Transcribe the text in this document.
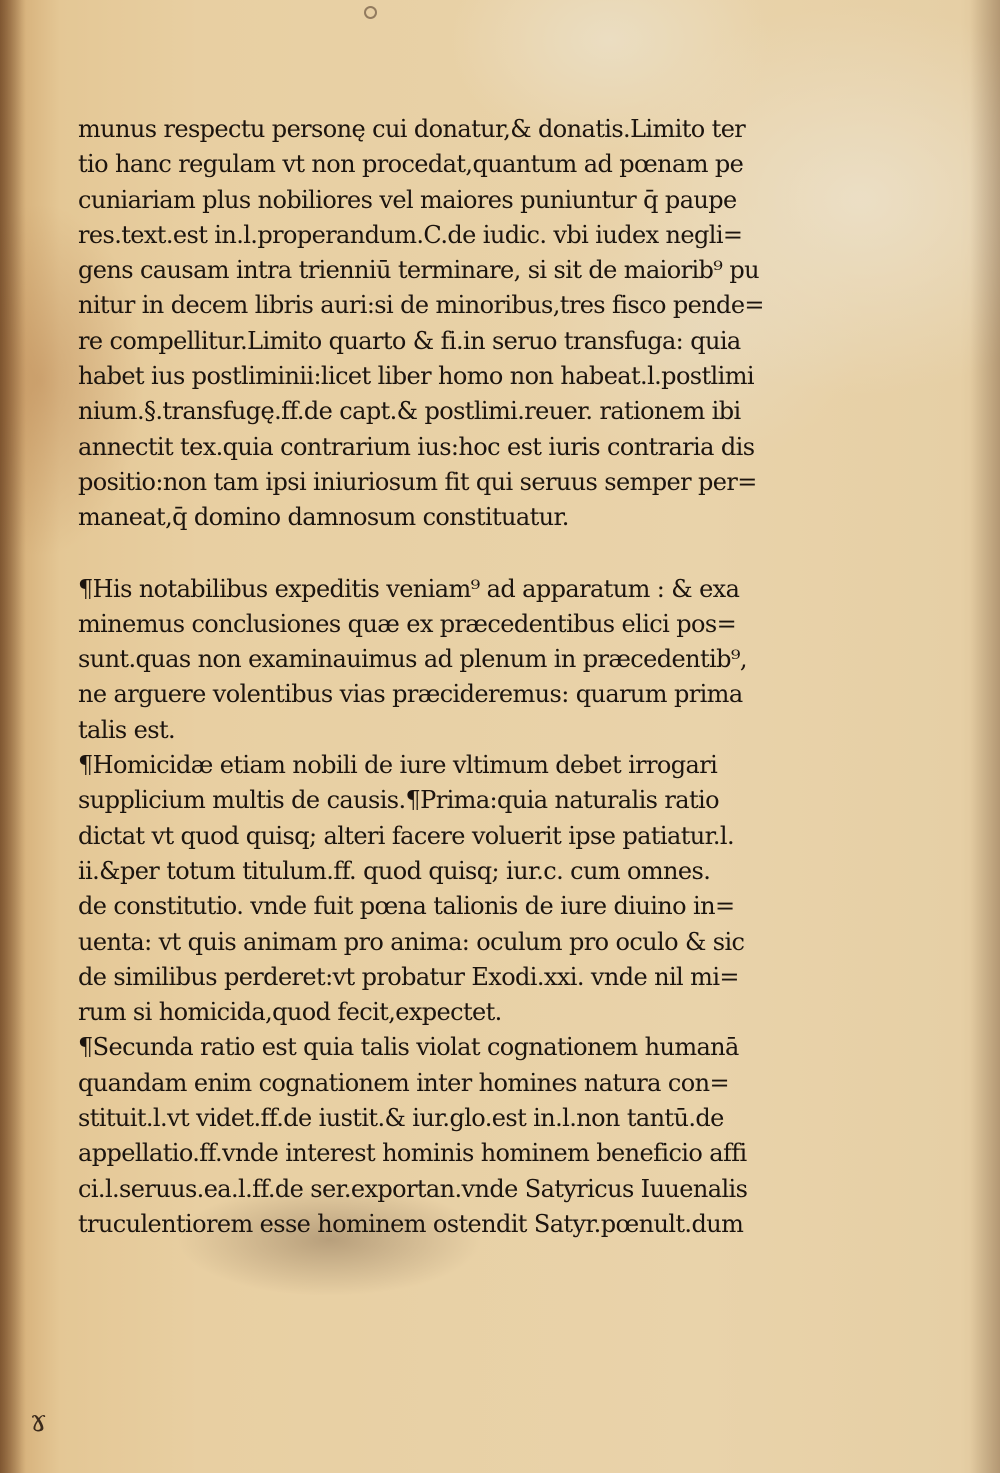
munus respectu personę cui donatur,& donatis.Limito ter
tio hanc regulam vt non procedat,quantum ad pœnam pe
cuniariam plus nobiliores vel maiores puniuntur q̄ paupe
res.text.est in.l.properandum.C.de iudic. vbi iudex negli=
gens causam intra trienniū terminare, si sit de maiorib⁹ pu
nitur in decem libris auri:si de minoribus,tres fisco pende=
re compellitur.Limito quarto & fi.in seruo transfuga: quia
habet ius postliminii:licet liber homo non habeat.l.postlimi
nium.§.transfugę.ff.de capt.& postlimi.reuer. rationem ibi
annectit tex.quia contrarium ius:hoc est iuris contraria dis
positio:non tam ipsi iniuriosum fit qui seruus semper per=
maneat,q̄ domino damnosum constituatur.
¶His notabilibus expeditis veniam⁹ ad apparatum : & exa
minemus conclusiones quæ ex præcedentibus elici pos=
sunt.quas non examinauimus ad plenum in præcedentib⁹,
ne arguere volentibus vias præcideremus: quarum prima
talis est.
¶Homicidæ etiam nobili de iure vltimum debet irrogari
supplicium multis de causis.¶Prima:quia naturalis ratio
dictat vt quod quisq; alteri facere voluerit ipse patiatur.l.
ii.&per totum titulum.ff. quod quisq; iur.c. cum omnes.
de constitutio. vnde fuit pœna talionis de iure diuino in=
uenta: vt quis animam pro anima: oculum pro oculo & sic
de similibus perderet:vt probatur Exodi.xxi. vnde nil mi=
rum si homicida,quod fecit,expectet.
¶Secunda ratio est quia talis violat cognationem humanā
quandam enim cognationem inter homines natura con=
stituit.l.vt videt.ff.de iustit.& iur.glo.est in.l.non tantū.de
appellatio.ff.vnde interest hominis hominem beneficio affi
ci.l.seruus.ea.l.ff.de ser.exportan.vnde Satyricus Iuuenalis
truculentiorem esse hominem ostendit Satyr.pœnult.dum
ɤ
